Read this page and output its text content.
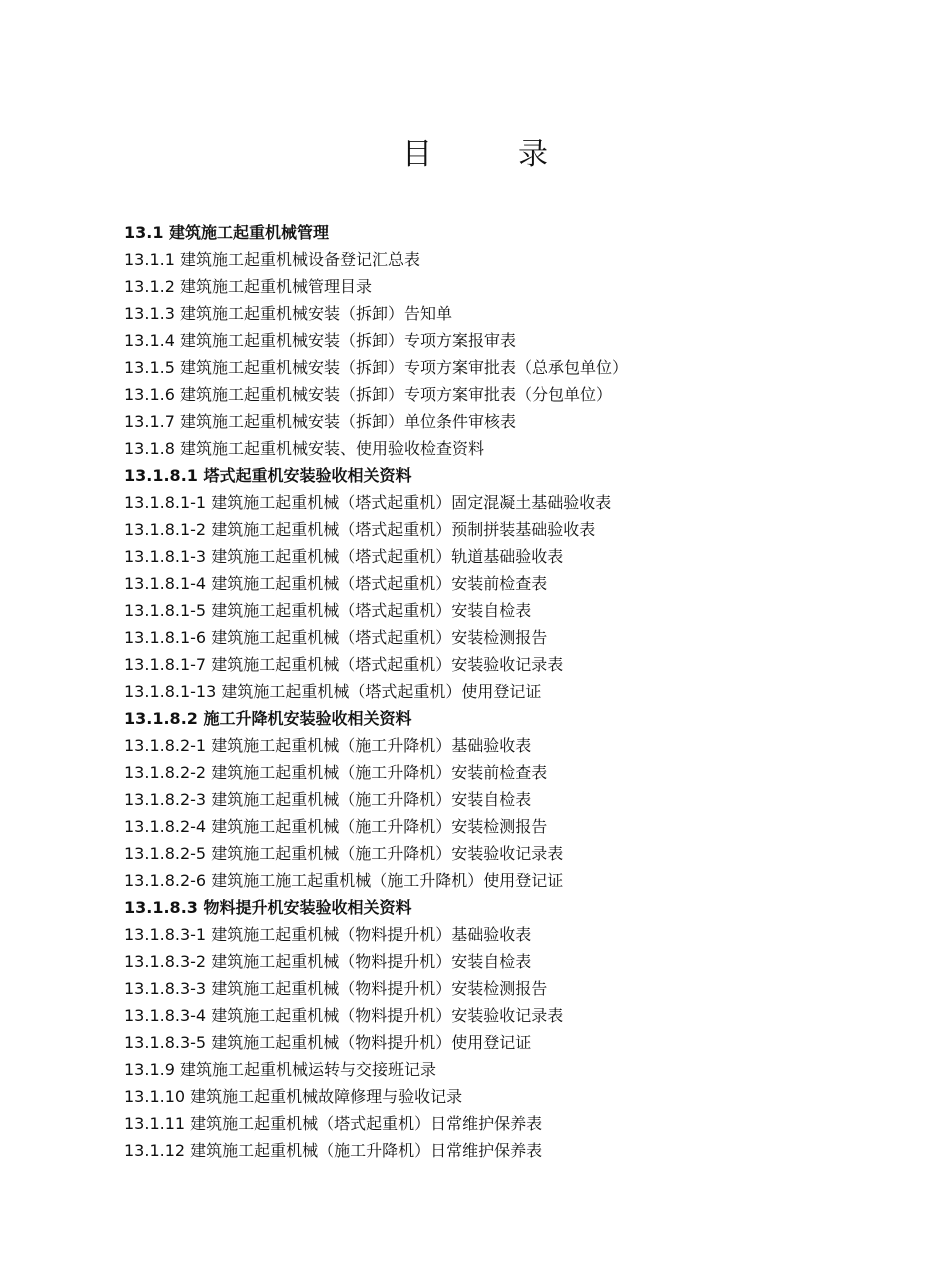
目　录
13.1 建筑施工起重机械管理
13.1.1 建筑施工起重机械设备登记汇总表
13.1.2 建筑施工起重机械管理目录
13.1.3 建筑施工起重机械安装（拆卸）告知单
13.1.4 建筑施工起重机械安装（拆卸）专项方案报审表
13.1.5 建筑施工起重机械安装（拆卸）专项方案审批表（总承包单位）
13.1.6 建筑施工起重机械安装（拆卸）专项方案审批表（分包单位）
13.1.7 建筑施工起重机械安装（拆卸）单位条件审核表
13.1.8 建筑施工起重机械安装、使用验收检查资料
13.1.8.1 塔式起重机安装验收相关资料
13.1.8.1-1 建筑施工起重机械（塔式起重机）固定混凝土基础验收表
13.1.8.1-2 建筑施工起重机械（塔式起重机）预制拼装基础验收表
13.1.8.1-3 建筑施工起重机械（塔式起重机）轨道基础验收表
13.1.8.1-4 建筑施工起重机械（塔式起重机）安装前检查表
13.1.8.1-5 建筑施工起重机械（塔式起重机）安装自检表
13.1.8.1-6 建筑施工起重机械（塔式起重机）安装检测报告
13.1.8.1-7 建筑施工起重机械（塔式起重机）安装验收记录表
13.1.8.1-13 建筑施工起重机械（塔式起重机）使用登记证
13.1.8.2 施工升降机安装验收相关资料
13.1.8.2-1 建筑施工起重机械（施工升降机）基础验收表
13.1.8.2-2 建筑施工起重机械（施工升降机）安装前检查表
13.1.8.2-3 建筑施工起重机械（施工升降机）安装自检表
13.1.8.2-4 建筑施工起重机械（施工升降机）安装检测报告
13.1.8.2-5 建筑施工起重机械（施工升降机）安装验收记录表
13.1.8.2-6 建筑施工施工起重机械（施工升降机）使用登记证
13.1.8.3 物料提升机安装验收相关资料
13.1.8.3-1 建筑施工起重机械（物料提升机）基础验收表
13.1.8.3-2 建筑施工起重机械（物料提升机）安装自检表
13.1.8.3-3 建筑施工起重机械（物料提升机）安装检测报告
13.1.8.3-4 建筑施工起重机械（物料提升机）安装验收记录表
13.1.8.3-5 建筑施工起重机械（物料提升机）使用登记证
13.1.9 建筑施工起重机械运转与交接班记录
13.1.10 建筑施工起重机械故障修理与验收记录
13.1.11 建筑施工起重机械（塔式起重机）日常维护保养表
13.1.12 建筑施工起重机械（施工升降机）日常维护保养表
